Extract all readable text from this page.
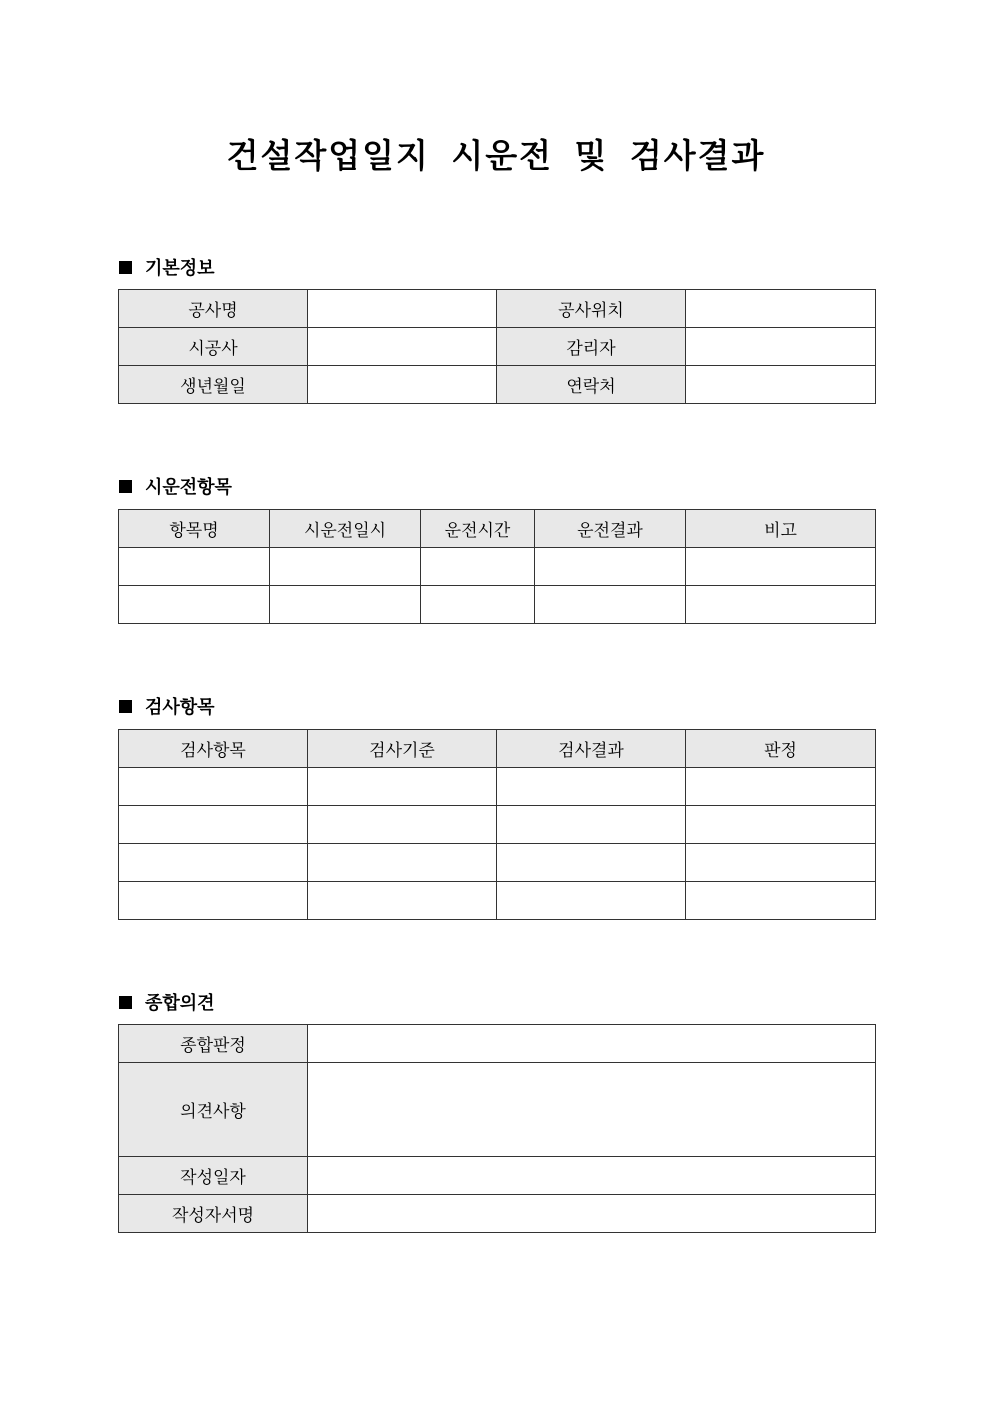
건설작업일지 시운전 및 검사결과
기본정보
공사명		공사위치	
시공사		감리자	
생년월일		연락처	
시운전항목
항목명	시운전일시	운전시간	운전결과	비고

검사항목
검사항목	검사기준	검사결과	판정

종합의견
종합판정	
의견사항	
작성일자	
작성자서명	
